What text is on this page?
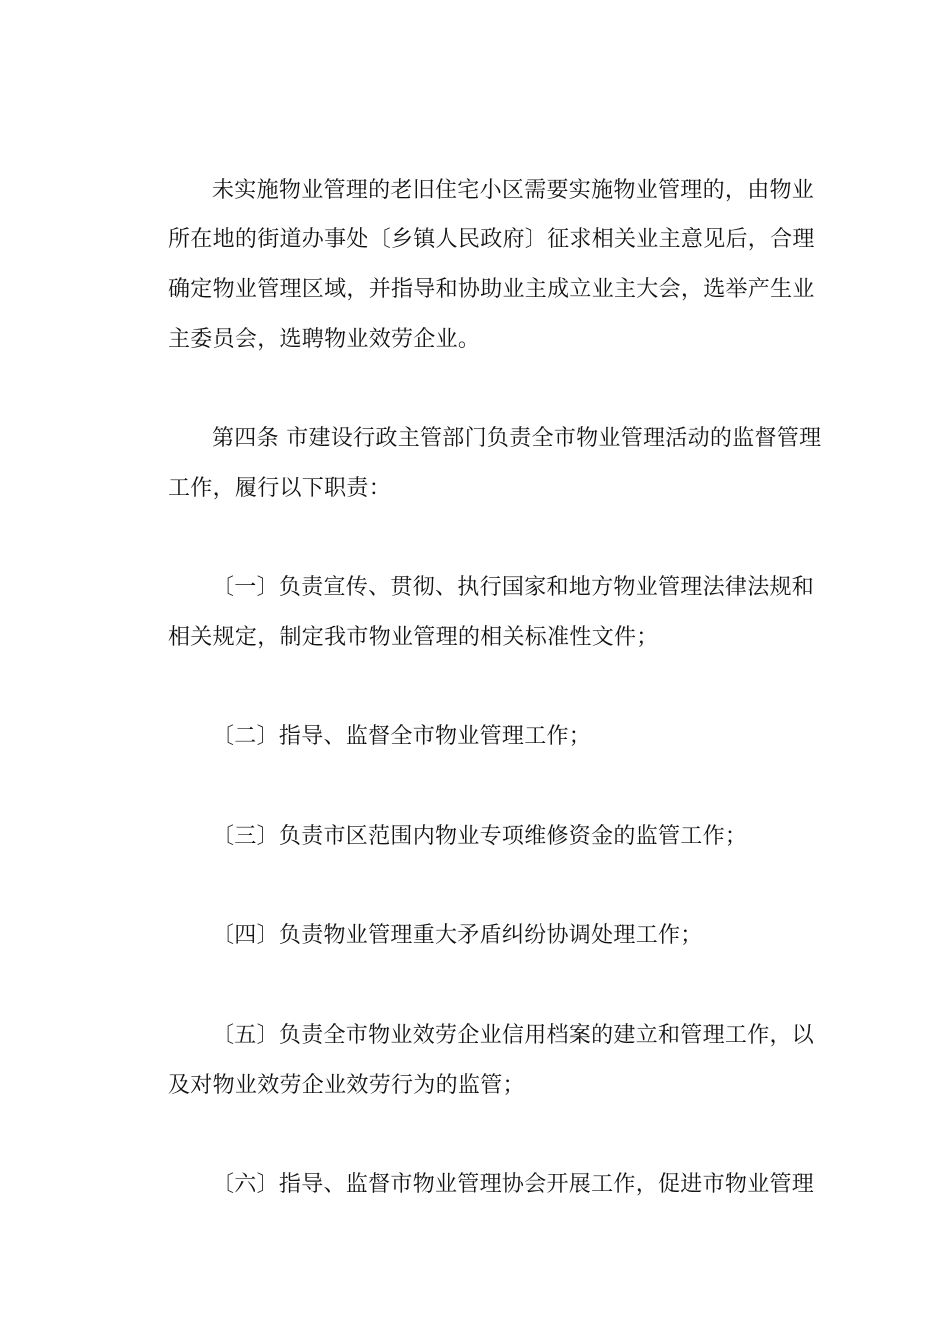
未实施物业管理的老旧住宅小区需要实施物业管理的，由物业
所在地的街道办事处〔乡镇人民政府〕征求相关业主意见后，合理
确定物业管理区域，并指导和协助业主成立业主大会，选举产生业
主委员会，选聘物业效劳企业。
第四条 市建设行政主管部门负责全市物业管理活动的监督管理
工作，履行以下职责：
〔一〕负责宣传、贯彻、执行国家和地方物业管理法律法规和
相关规定，制定我市物业管理的相关标准性文件；
〔二〕指导、监督全市物业管理工作；
〔三〕负责市区范围内物业专项维修资金的监管工作；
〔四〕负责物业管理重大矛盾纠纷协调处理工作；
〔五〕负责全市物业效劳企业信用档案的建立和管理工作，以
及对物业效劳企业效劳行为的监管；
〔六〕指导、监督市物业管理协会开展工作，促进市物业管理
